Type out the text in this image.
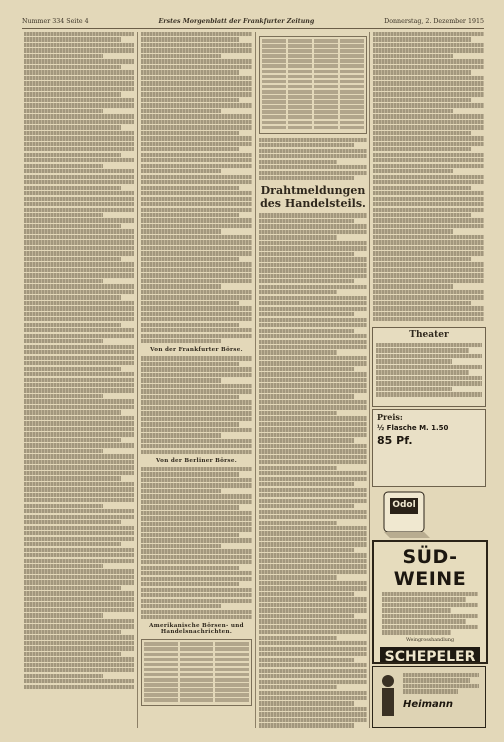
Nummer 334 Seite 4	Erstes Morgenblatt der Frankfurter Zeitung	Donnerstag, 2. Dezember 1915
Von der Frankfurter Börse.
Von der Berliner Börse.
Amerikanische Börsen- und Handelsnachrichten.
Drahtmeldungen des Handelsteils.
Theater
Preis:
½ Flasche M. 1.50
85 Pf.
Odol
SÜD-WEINE
Weingrosshandlung
SCHEPELER
Heimann
